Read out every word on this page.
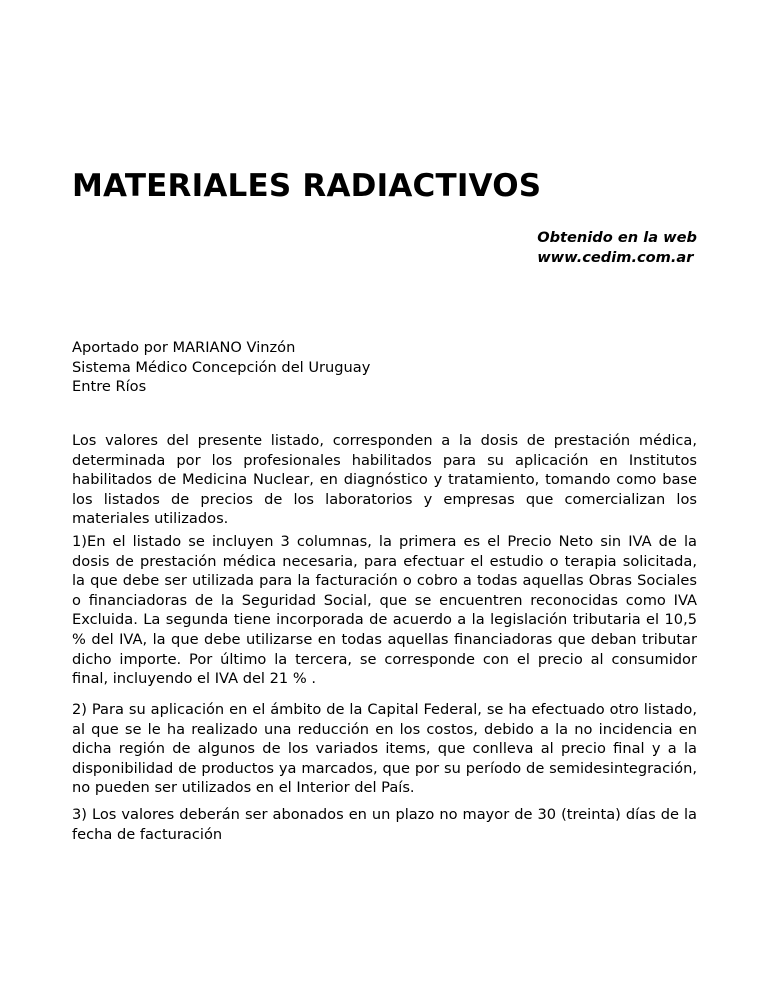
MATERIALES RADIACTIVOS
Obtenido en la web
www.cedim.com.ar
Aportado por MARIANO Vinzón
Sistema Médico Concepción del Uruguay
Entre Ríos
Los valores del presente listado, corresponden a la dosis de prestación médica, determinada por los profesionales habilitados para su aplicación en Institutos habilitados de Medicina Nuclear, en diagnóstico y tratamiento, tomando como base los listados de precios de los laboratorios y empresas que comercializan los materiales utilizados.
1)En el listado se incluyen 3 columnas, la primera es el Precio Neto sin IVA de la dosis de prestación médica necesaria, para efectuar el estudio o terapia solicitada, la que debe ser utilizada para la facturación o cobro a todas aquellas Obras Sociales o financiadoras de la Seguridad Social, que se encuentren reconocidas como IVA Excluida. La segunda tiene incorporada de acuerdo a la legislación tributaria el 10,5 % del IVA, la que debe utilizarse en todas aquellas financiadoras que deban tributar dicho importe. Por último la tercera, se corresponde con el precio al consumidor final, incluyendo el IVA del 21 % .
2) Para su aplicación en el ámbito de la Capital Federal, se ha efectuado otro listado, al que se le ha realizado una reducción en los costos, debido a la no incidencia en dicha región de algunos de los variados items, que conlleva al precio final y a la disponibilidad de productos ya marcados, que por su período de semidesintegración, no pueden ser utilizados en el Interior del País.
3) Los valores deberán ser abonados en un plazo no mayor de 30 (treinta) días de la fecha de facturación
